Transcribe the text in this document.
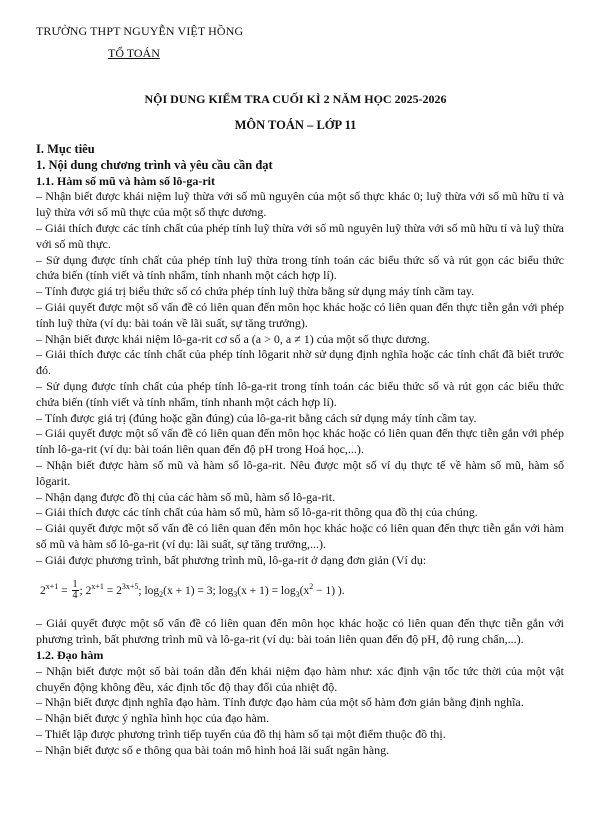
TRƯỜNG THPT NGUYỄN VIỆT HỒNG
TỔ TOÁN
NỘI DUNG KIỂM TRA CUỐI KÌ 2 NĂM HỌC 2025-2026
MÔN TOÁN – LỚP 11
I. Mục tiêu
1. Nội dung chương trình và yêu cầu cần đạt
1.1. Hàm số mũ và hàm số lô-ga-rit

– Nhận biết được khái niệm luỹ thừa với số mũ nguyên của một số thực khác 0; luỹ thừa với số mũ hữu tỉ và luỹ thừa với số mũ thực của một số thực dương.

– Giải thích được các tính chất của phép tính luỹ thừa với số mũ nguyên luỹ thừa với số mũ hữu tỉ và luỹ thừa với số mũ thực.

– Sử dụng được tính chất của phép tính luỹ thừa trong tính toán các biểu thức số và rút gọn các biểu thức chứa biến (tính viết và tính nhẩm, tính nhanh một cách hợp lí).

– Tính được giá trị biểu thức số có chứa phép tính luỹ thừa bằng sử dụng máy tính cầm tay.

– Giải quyết được một số vấn đề có liên quan đến môn học khác hoặc có liên quan đến thực tiễn gắn với phép tính luỹ thừa (ví dụ: bài toán về lãi suất, sự tăng trưởng).

– Nhận biết được khái niệm lô-ga-rit cơ số a (a > 0, a ≠ 1) của một số thực dương.

– Giải thích được các tính chất của phép tính lôgarit nhờ sử dụng định nghĩa hoặc các tính chất đã biết trước đó.

– Sử dụng được tính chất của phép tính lô-ga-rit trong tính toán các biểu thức số và rút gọn các biểu thức chứa biến (tính viết và tính nhẩm, tính nhanh một cách hợp lí).

– Tính được giá trị (đúng hoặc gần đúng) của lô-ga-rit bằng cách sử dụng máy tính cầm tay.

– Giải quyết được một số vấn đề có liên quan đến môn học khác hoặc có liên quan đến thực tiễn gắn với phép tính lô-ga-rit (ví dụ: bài toán liên quan đến độ pH trong Hoá học,...).

– Nhận biết được hàm số mũ và hàm số lô-ga-rit. Nêu được một số ví dụ thực tế về hàm số mũ, hàm số lôgarit.

– Nhận dạng được đồ thị của các hàm số mũ, hàm số lô-ga-rit.

– Giải thích được các tính chất của hàm số mũ, hàm số lô-ga-rit thông qua đồ thị của chúng.

– Giải quyết được một số vấn đề có liên quan đến môn học khác hoặc có liên quan đến thực tiễn gắn với hàm số mũ và hàm số lô-ga-rit (ví dụ: lãi suất, sự tăng trưởng,...).

– Giải được phương trình, bất phương trình mũ, lô-ga-rit ở dạng đơn giản (Ví dụ:

$2^{x+1} = \frac{1}{4}$ ; $2^{x+1} = 2^{3x+5}$; $\log_2(x + 1) = 3$; $\log_3(x + 1) = \log_3(x^2 - 1)$ ).

– Giải quyết được một số vấn đề có liên quan đến môn học khác hoặc có liên quan đến thực tiễn gắn với phương trình, bất phương trình mũ và lô-ga-rit (ví dụ: bài toán liên quan đến độ pH, độ rung chấn,...).

1.2. Đạo hàm

– Nhận biết được một số bài toán dẫn đến khái niệm đạo hàm như: xác định vận tốc tức thời của một vật chuyển động không đều, xác định tốc độ thay đổi của nhiệt độ.

– Nhận biết được định nghĩa đạo hàm. Tính được đạo hàm của một số hàm đơn giản bằng định nghĩa.

– Nhận biết được ý nghĩa hình học của đạo hàm.

– Thiết lập được phương trình tiếp tuyến của đồ thị hàm số tại một điểm thuộc đồ thị.

– Nhận biết được số e thông qua bài toán mô hình hoá lãi suất ngân hàng.
